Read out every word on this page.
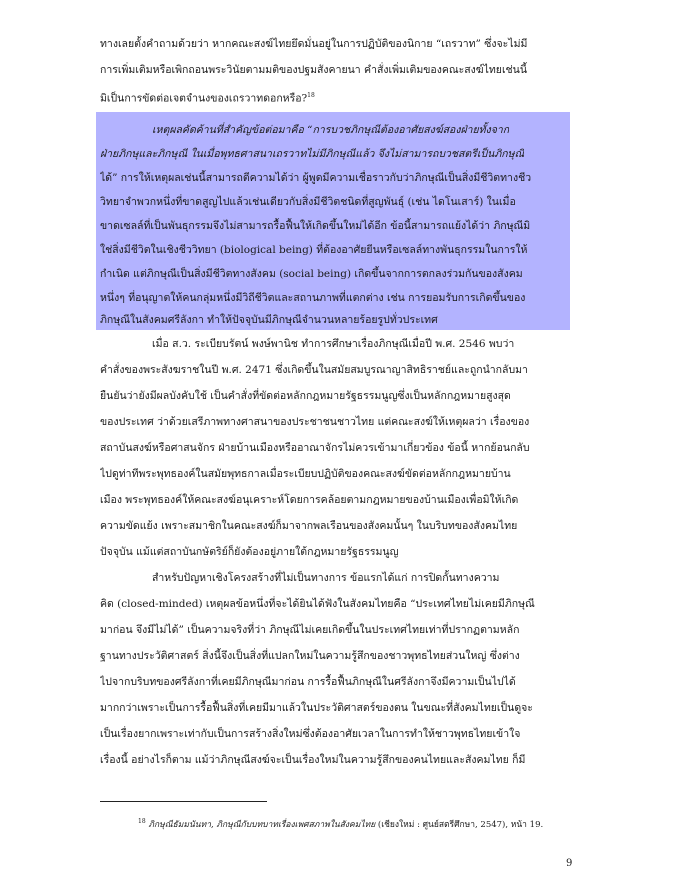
ทางเลยตั้งคำถามด้วยว่า หากคณะสงฆ์ไทยยึดมั่นอยู่ในการปฏิบัติของนิกาย “เถรวาท” ซึ่งจะไม่มี
การเพิ่มเติมหรือเพิกถอนพระวินัยตามมติของปฐมสังคายนา คำสั่งเพิ่มเติมของคณะสงฆ์ไทยเช่นนี้
มิเป็นการขัดต่อเจตจำนงของเถรวาทดอกหรือ?$^{18}$
เหตุผลคัดค้านที่สำคัญข้อต่อมาคือ “การบวชภิกษุณีต้องอาศัยสงฆ์สองฝ่ายทั้งจาก
ฝ่ายภิกษุและภิกษุณี ในเมื่อพุทธศาสนาเถรวาทไม่มีภิกษุณีแล้ว จึงไม่สามารถบวชสตรีเป็นภิกษุณี
ได้” การให้เหตุผลเช่นนี้สามารถตีความได้ว่า ผู้พูดมีความเชื่อราวกับว่าภิกษุณีเป็นสิ่งมีชีวิตทางชีว
วิทยาจำพวกหนึ่งที่ขาดสูญไปแล้วเช่นเดียวกับสิ่งมีชีวิตชนิดที่สูญพันธุ์ (เช่น ไดโนเสาร์) ในเมื่อ
ขาดเซลล์ที่เป็นพันธุกรรมจึงไม่สามารถรื้อฟื้นให้เกิดขึ้นใหม่ได้อีก ข้อนี้สามารถแย้งได้ว่า ภิกษุณีมิ
ใช่สิ่งมีชีวิตในเชิงชีววิทยา (biological being) ที่ต้องอาศัยยีนหรือเซลล์ทางพันธุกรรมในการให้
กำเนิด แต่ภิกษุณีเป็นสิ่งมีชีวิตทางสังคม (social being) เกิดขึ้นจากการตกลงร่วมกันของสังคม
หนึ่งๆ ที่อนุญาตให้คนกลุ่มหนึ่งมีวิถีชีวิตและสถานภาพที่แตกต่าง เช่น การยอมรับการเกิดขึ้นของ
ภิกษุณีในสังคมศรีลังกา ทำให้ปัจจุบันมีภิกษุณีจำนวนหลายร้อยรูปทั่วประเทศ
เมื่อ ส.ว. ระเบียบรัตน์ พงษ์พานิช ทำการศึกษาเรื่องภิกษุณีเมื่อปี พ.ศ. 2546 พบว่า
คำสั่งของพระสังฆราชในปี พ.ศ. 2471 ซึ่งเกิดขึ้นในสมัยสมบูรณาญาสิทธิราชย์และถูกนำกลับมา
ยืนยันว่ายังมีผลบังคับใช้ เป็นคำสั่งที่ขัดต่อหลักกฎหมายรัฐธรรมนูญซึ่งเป็นหลักกฎหมายสูงสุด
ของประเทศ ว่าด้วยเสรีภาพทางศาสนาของประชาชนชาวไทย แต่คณะสงฆ์ให้เหตุผลว่า เรื่องของ
สถาบันสงฆ์หรือศาสนจักร ฝ่ายบ้านเมืองหรืออาณาจักรไม่ควรเข้ามาเกี่ยวข้อง ข้อนี้ หากย้อนกลับ
ไปดูท่าทีพระพุทธองค์ในสมัยพุทธกาลเมื่อระเบียบปฏิบัติของคณะสงฆ์ขัดต่อหลักกฎหมายบ้าน
เมือง พระพุทธองค์ให้คณะสงฆ์อนุเคราะห์โดยการคล้อยตามกฎหมายของบ้านเมืองเพื่อมิให้เกิด
ความขัดแย้ง เพราะสมาชิกในคณะสงฆ์ก็มาจากพลเรือนของสังคมนั้นๆ ในบริบทของสังคมไทย
ปัจจุบัน แม้แต่สถาบันกษัตริย์ก็ยังต้องอยู่ภายใต้กฎหมายรัฐธรรมนูญ
สำหรับปัญหาเชิงโครงสร้างที่ไม่เป็นทางการ ข้อแรกได้แก่ การปิดกั้นทางความ
คิด (closed-minded) เหตุผลข้อหนึ่งที่จะได้ยินได้ฟังในสังคมไทยคือ “ประเทศไทยไม่เคยมีภิกษุณี
มาก่อน จึงมีไม่ได้” เป็นความจริงที่ว่า ภิกษุณีไม่เคยเกิดขึ้นในประเทศไทยเท่าที่ปรากฏตามหลัก
ฐานทางประวัติศาสตร์ สิ่งนี้จึงเป็นสิ่งที่แปลกใหม่ในความรู้สึกของชาวพุทธไทยส่วนใหญ่ ซึ่งต่าง
ไปจากบริบทของศรีลังกาที่เคยมีภิกษุณีมาก่อน การรื้อฟื้นภิกษุณีในศรีลังกาจึงมีความเป็นไปได้
มากกว่าเพราะเป็นการรื้อฟื้นสิ่งที่เคยมีมาแล้วในประวัติศาสตร์ของตน ในขณะที่สังคมไทยเป็นดูจะ
เป็นเรื่องยากเพราะเท่ากับเป็นการสร้างสิ่งใหม่ซึ่งต้องอาศัยเวลาในการทำให้ชาวพุทธไทยเข้าใจ
เรื่องนี้ อย่างไรก็ตาม แม้ว่าภิกษุณีสงฆ์จะเป็นเรื่องใหม่ในความรู้สึกของคนไทยและสังคมไทย ก็มี
$^{18}$ ภิกษุณีธัมมนันทา, ภิกษุณีกับบทบาทเรื่องเพศสภาพในสังคมไทย (เชียงใหม่ : ศูนย์สตรีศึกษา, 2547), หน้า 19.
9
